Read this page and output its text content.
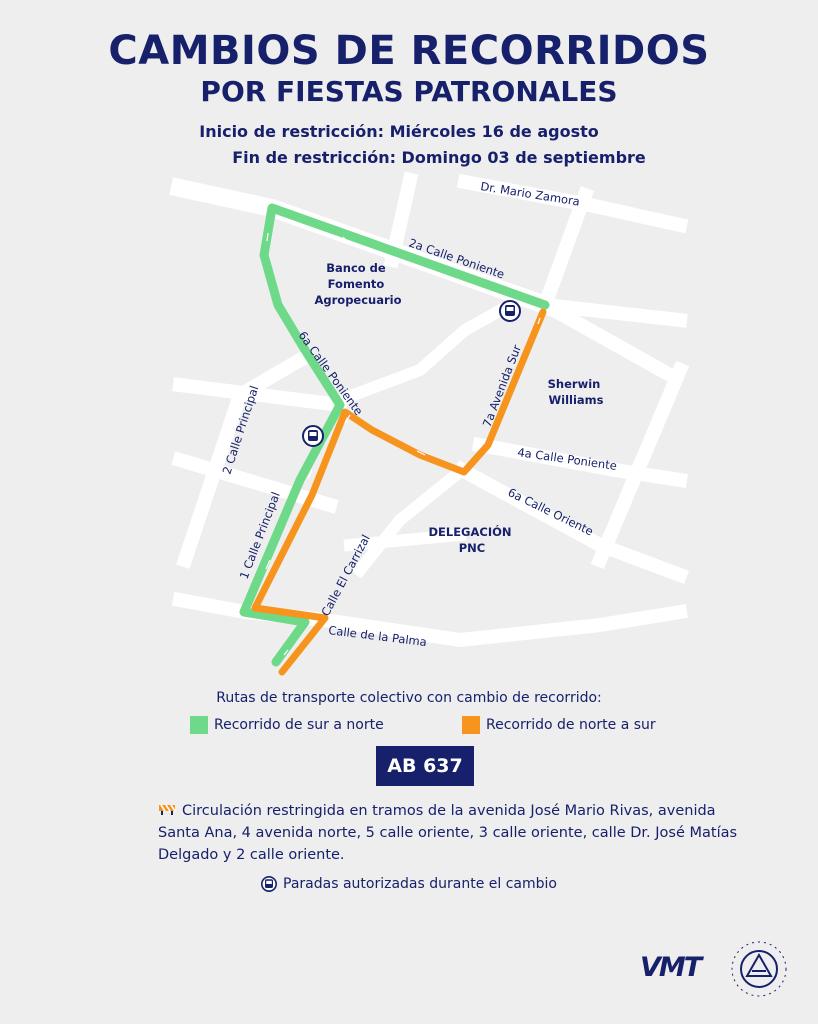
CAMBIOS DE RECORRIDOS
POR FIESTAS PATRONALES
Inicio de restricción: Miércoles 16 de agosto
Fin de restricción: Domingo 03 de septiembre
Dr. Mario Zamora
2a Calle Poniente
6a Calle Poniente	7a Avenida Sur
4a Calle Poniente
6a Calle Oriente
2 Calle Principal
1 Calle Principal	Calle El Carrizal
Calle de la Palma
Banco de Fomento Agropecuario
Sherwin Williams
DELEGACIÓN PNC
Rutas de transporte colectivo con cambio de recorrido:
Recorrido de sur a norte	Recorrido de norte a sur
AB 637
Circulación restringida en tramos de la avenida José Mario Rivas, avenida Santa Ana, 4 avenida norte, 5 calle oriente, 3 calle oriente, calle Dr. José Matías Delgado y 2 calle oriente.
Paradas autorizadas durante el cambio
VMT
